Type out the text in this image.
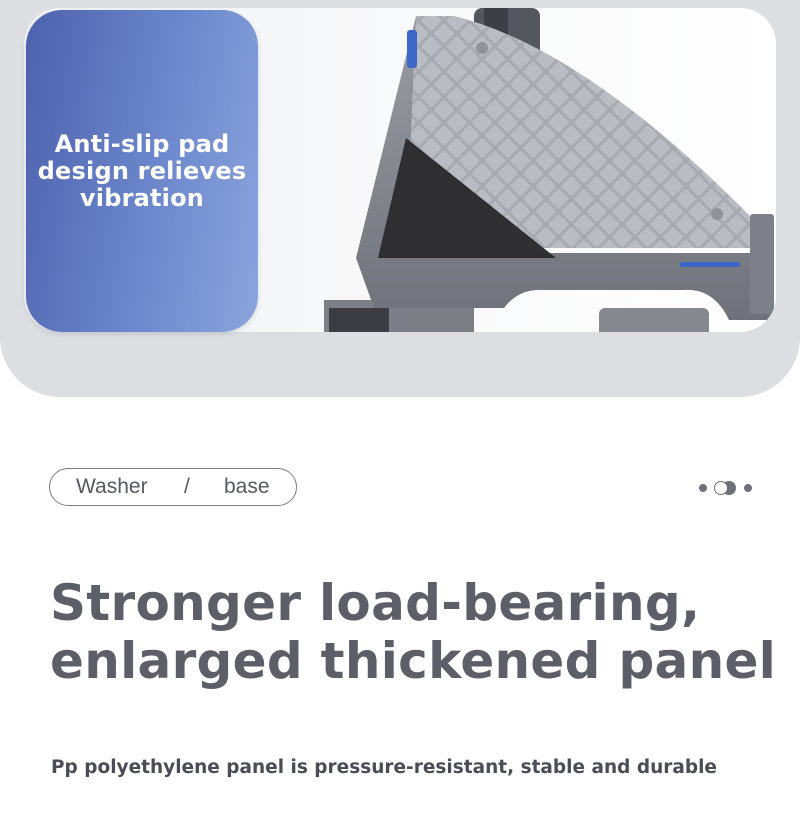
Anti-slip pad design relieves vibration
Washer / base
Stronger load-bearing,
enlarged thickened panel

Pp polyethylene panel is pressure-resistant, stable and durable
